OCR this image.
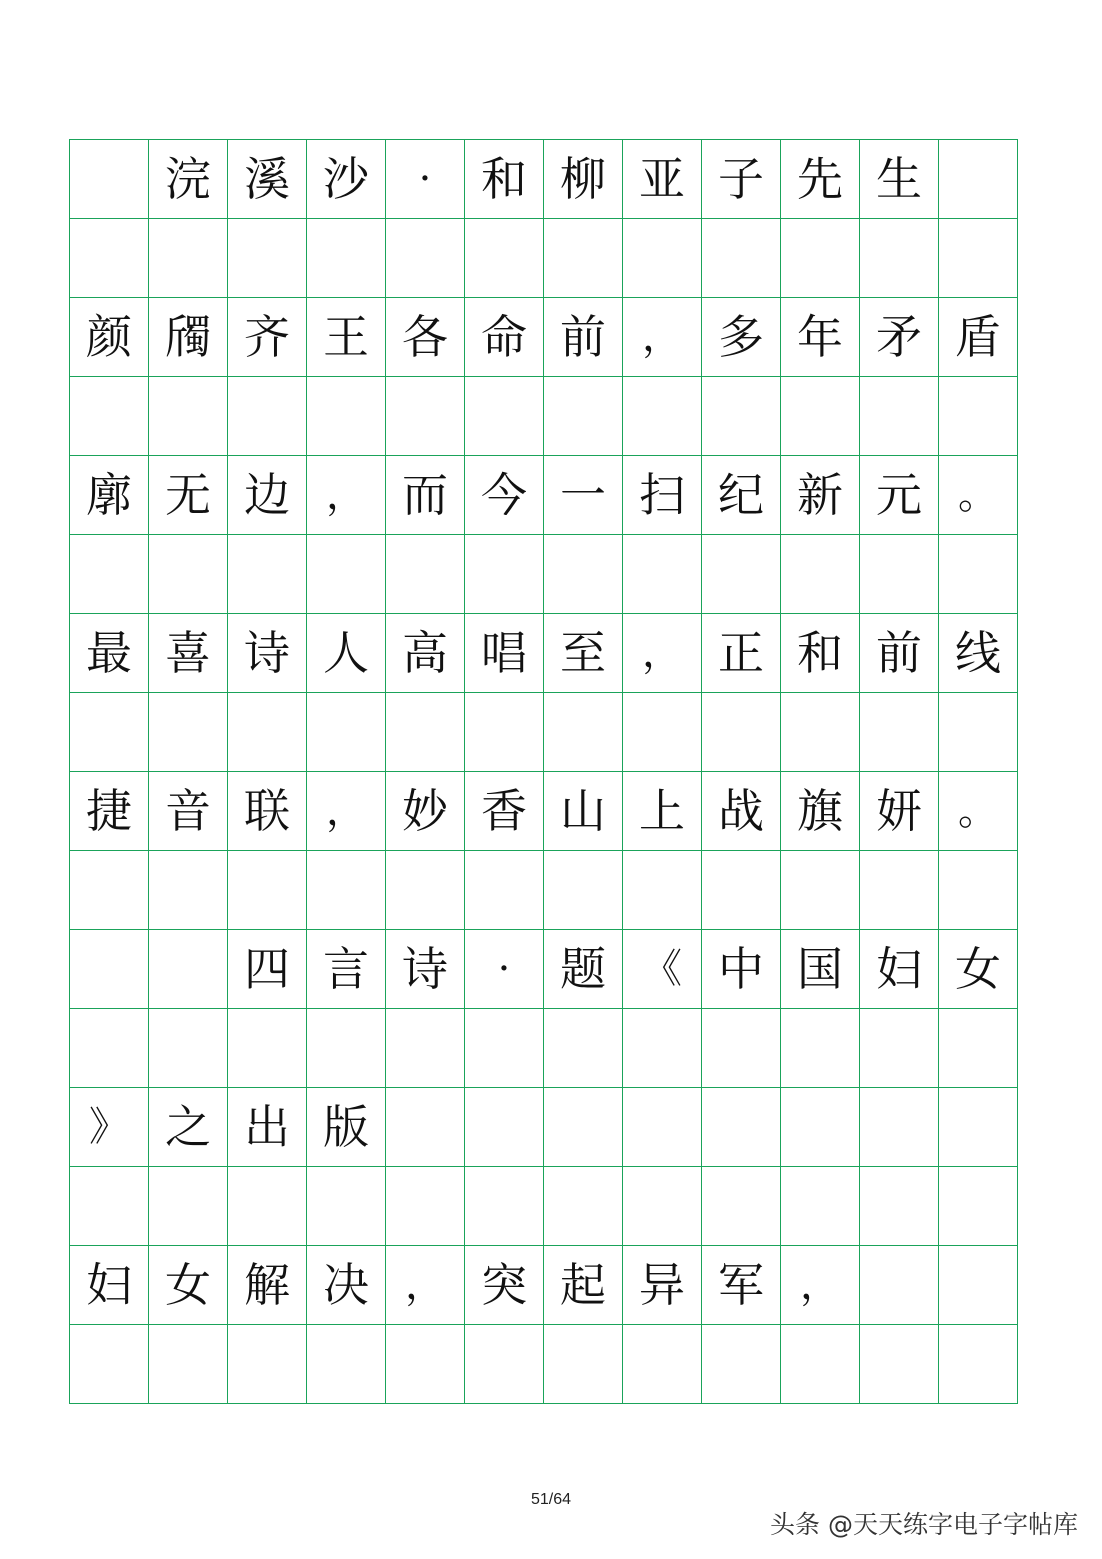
浣 溪 沙	·	和 柳 亚 子 先 生
颜 斶 齐 王 各 命 前 ， 多 年 矛 盾
廓 无 边 ， 而 今 一 扫 纪 新 元 。
最 喜 诗 人 高 唱 至 ， 正 和 前 线
捷 音 联 ， 妙 香 山 上 战 旗 妍 。
四 言 诗	·	题 《 中 国 妇 女
》 之 出 版
妇 女 解 决 ， 突 起 异 军 ，
51/64
头条 @天天练字电子字帖库
